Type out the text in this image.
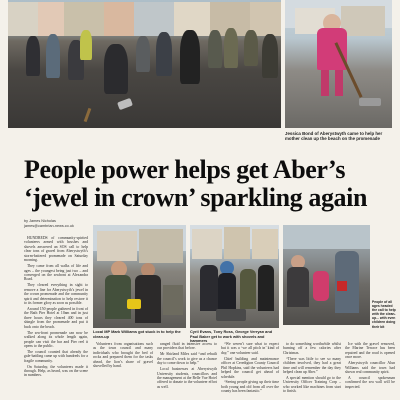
Jessica Bond of Aberystwyth came to help her mother clean up the beach on the promenade
People power helps get Aber’s ‘jewel in crown’ sparkling again
by James Nicholas
james@cambrian-news.co.uk

HUNDREDS of community-spirited volunteers armed with brushes and shovels answered an SOS call to help clear tons of gravel from Aberystwyth’s storm-battered promenade on Saturday morning.

They came from all walks of life and ages – the youngest being just two – and converged on the seafront at Alexandra Road.

They cleared everything in sight to remove a line for Aberystwyth’s jewel in the crown promenade and the community spirit and determination to help restore it to its former glory as soon as possible.

Around 150 people gathered in front of the Bath Pier Hotel at 10am and in just three hours they cleared 400 tons of shingle from the promenade and put it back onto the beach.

The sea-front promenade can now be walked along its whole length again, people can visit the bar and Pier reel it opens to the public.

The council counted that already the gale-battling came up with hundreds for a fragile community.

On Saturday, the volunteers made it through. Help, as heard, was on the scene in numbers.

Local MP Mark Williams got stuck in to help the clean-up
Cyril Evans, Tony Ross, George Verryan and Paul Baker get to work with shovels and hammers
People of all ages headed the call to help with the clean-up... with even children doing their bit

Volunteers from organisations such as the town council and many individuals who brought the bed of rocks and prepared them for the tasks ahead, the lion’s share of gravel shovelled by hand.

ranged fluid in intensive access to our providers that before.

Mr Shirland Miles said “and rebuilt the council’s work to give us a chance day to come down to help.”

Local businesses at Aberystwyth University students, councillors and the management at the Belle Vue Hotel offered to donate to the volunteer effort as well.

“We weren’t sure what to expect but it was a ‘we all pitch in’ kind of day,” one volunteer said.

Chief building and maintenance officer at Ceredigion County Council Phil Hopkins, said the volunteers had helped the council get ahead of schedule.

“Seeing people giving up their time both young and old from all over the county has been fantastic.”

to do something worthwhile whilst burning off a few calories after Christmas.

“There was little to see so many children involved, they had a great time and will remember the day they helped clean up Aber.”

A special mention should go to the University Officer Training Corp – who worked like machines from start to finish.

Ice with the gravel removed, the Marine Terrace has been repaired and the road is opened once more.

Aberystwyth councillor Alun Williams said the town had shown real community spirit.

A council spokesman confirmed the sea wall will be inspected.
